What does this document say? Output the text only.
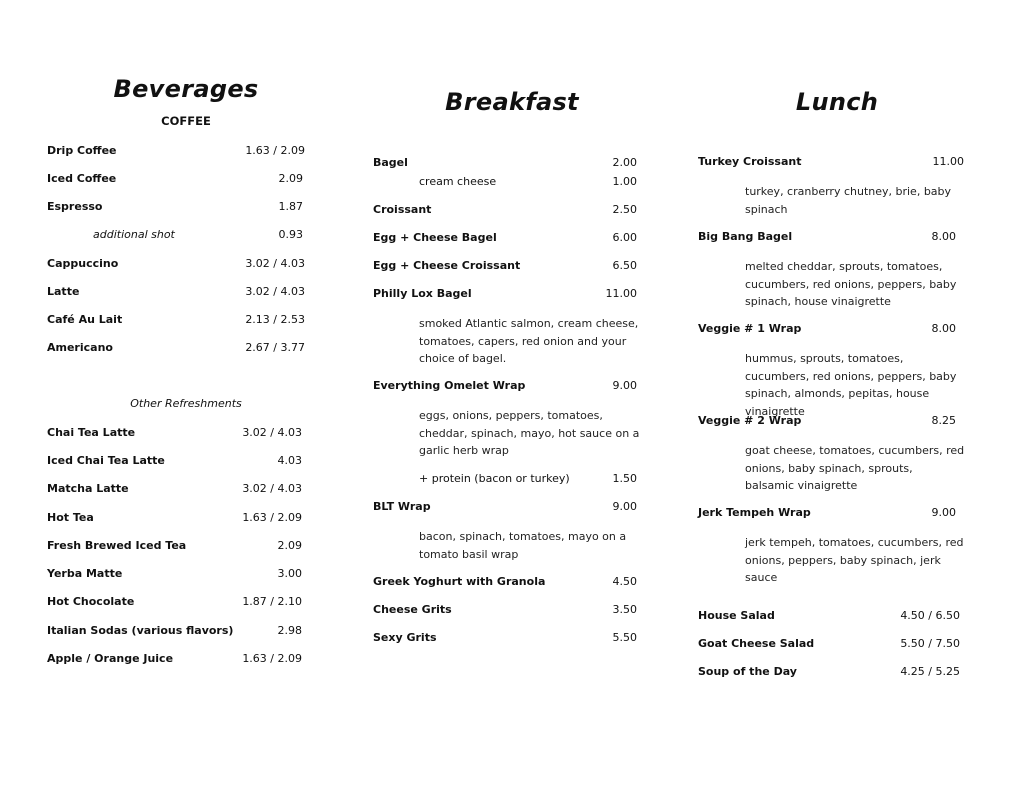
Beverages
COFFEE
Drip Coffee	1.63 / 2.09
Iced Coffee	2.09
Espresso	1.87
additional shot	0.93
Cappuccino	3.02 / 4.03
Latte	3.02 / 4.03
Café Au Lait	2.13 / 2.53
Americano	2.67 / 3.77
Other Refreshments
Chai Tea Latte	3.02 / 4.03
Iced Chai Tea Latte	4.03
Matcha Latte	3.02 / 4.03
Hot Tea	1.63 / 2.09
Fresh Brewed Iced Tea	2.09
Yerba Matte	3.00
Hot Chocolate	1.87 / 2.10
Italian Sodas (various flavors)	2.98
Apple / Orange Juice	1.63 / 2.09
Breakfast
Bagel	2.00
cream cheese	1.00
Croissant	2.50
Egg + Cheese Bagel	6.00
Egg + Cheese Croissant	6.50
Philly Lox Bagel	11.00
smoked Atlantic salmon, cream cheese, tomatoes, capers, red onion and your choice of bagel.
Everything Omelet Wrap	9.00
eggs, onions, peppers, tomatoes, cheddar, spinach, mayo, hot sauce on a garlic herb wrap
+ protein (bacon or turkey)	1.50
BLT Wrap	9.00
bacon, spinach, tomatoes, mayo on a tomato basil wrap
Greek Yoghurt with Granola	4.50
Cheese Grits	3.50
Sexy Grits	5.50
Lunch
Turkey Croissant	11.00
turkey, cranberry chutney, brie, baby spinach
Big Bang Bagel	8.00
melted cheddar, sprouts, tomatoes, cucumbers, red onions, peppers, baby spinach, house vinaigrette
Veggie # 1 Wrap	8.00
hummus, sprouts, tomatoes, cucumbers, red onions, peppers, baby spinach, almonds, pepitas, house vinaigrette
Veggie # 2 Wrap	8.25
goat cheese, tomatoes, cucumbers, red onions, baby spinach, sprouts, balsamic vinaigrette
Jerk Tempeh Wrap	9.00
jerk tempeh, tomatoes, cucumbers, red onions, peppers, baby spinach, jerk sauce
House Salad	4.50 / 6.50
Goat Cheese Salad	5.50 / 7.50
Soup of the Day	4.25 / 5.25
